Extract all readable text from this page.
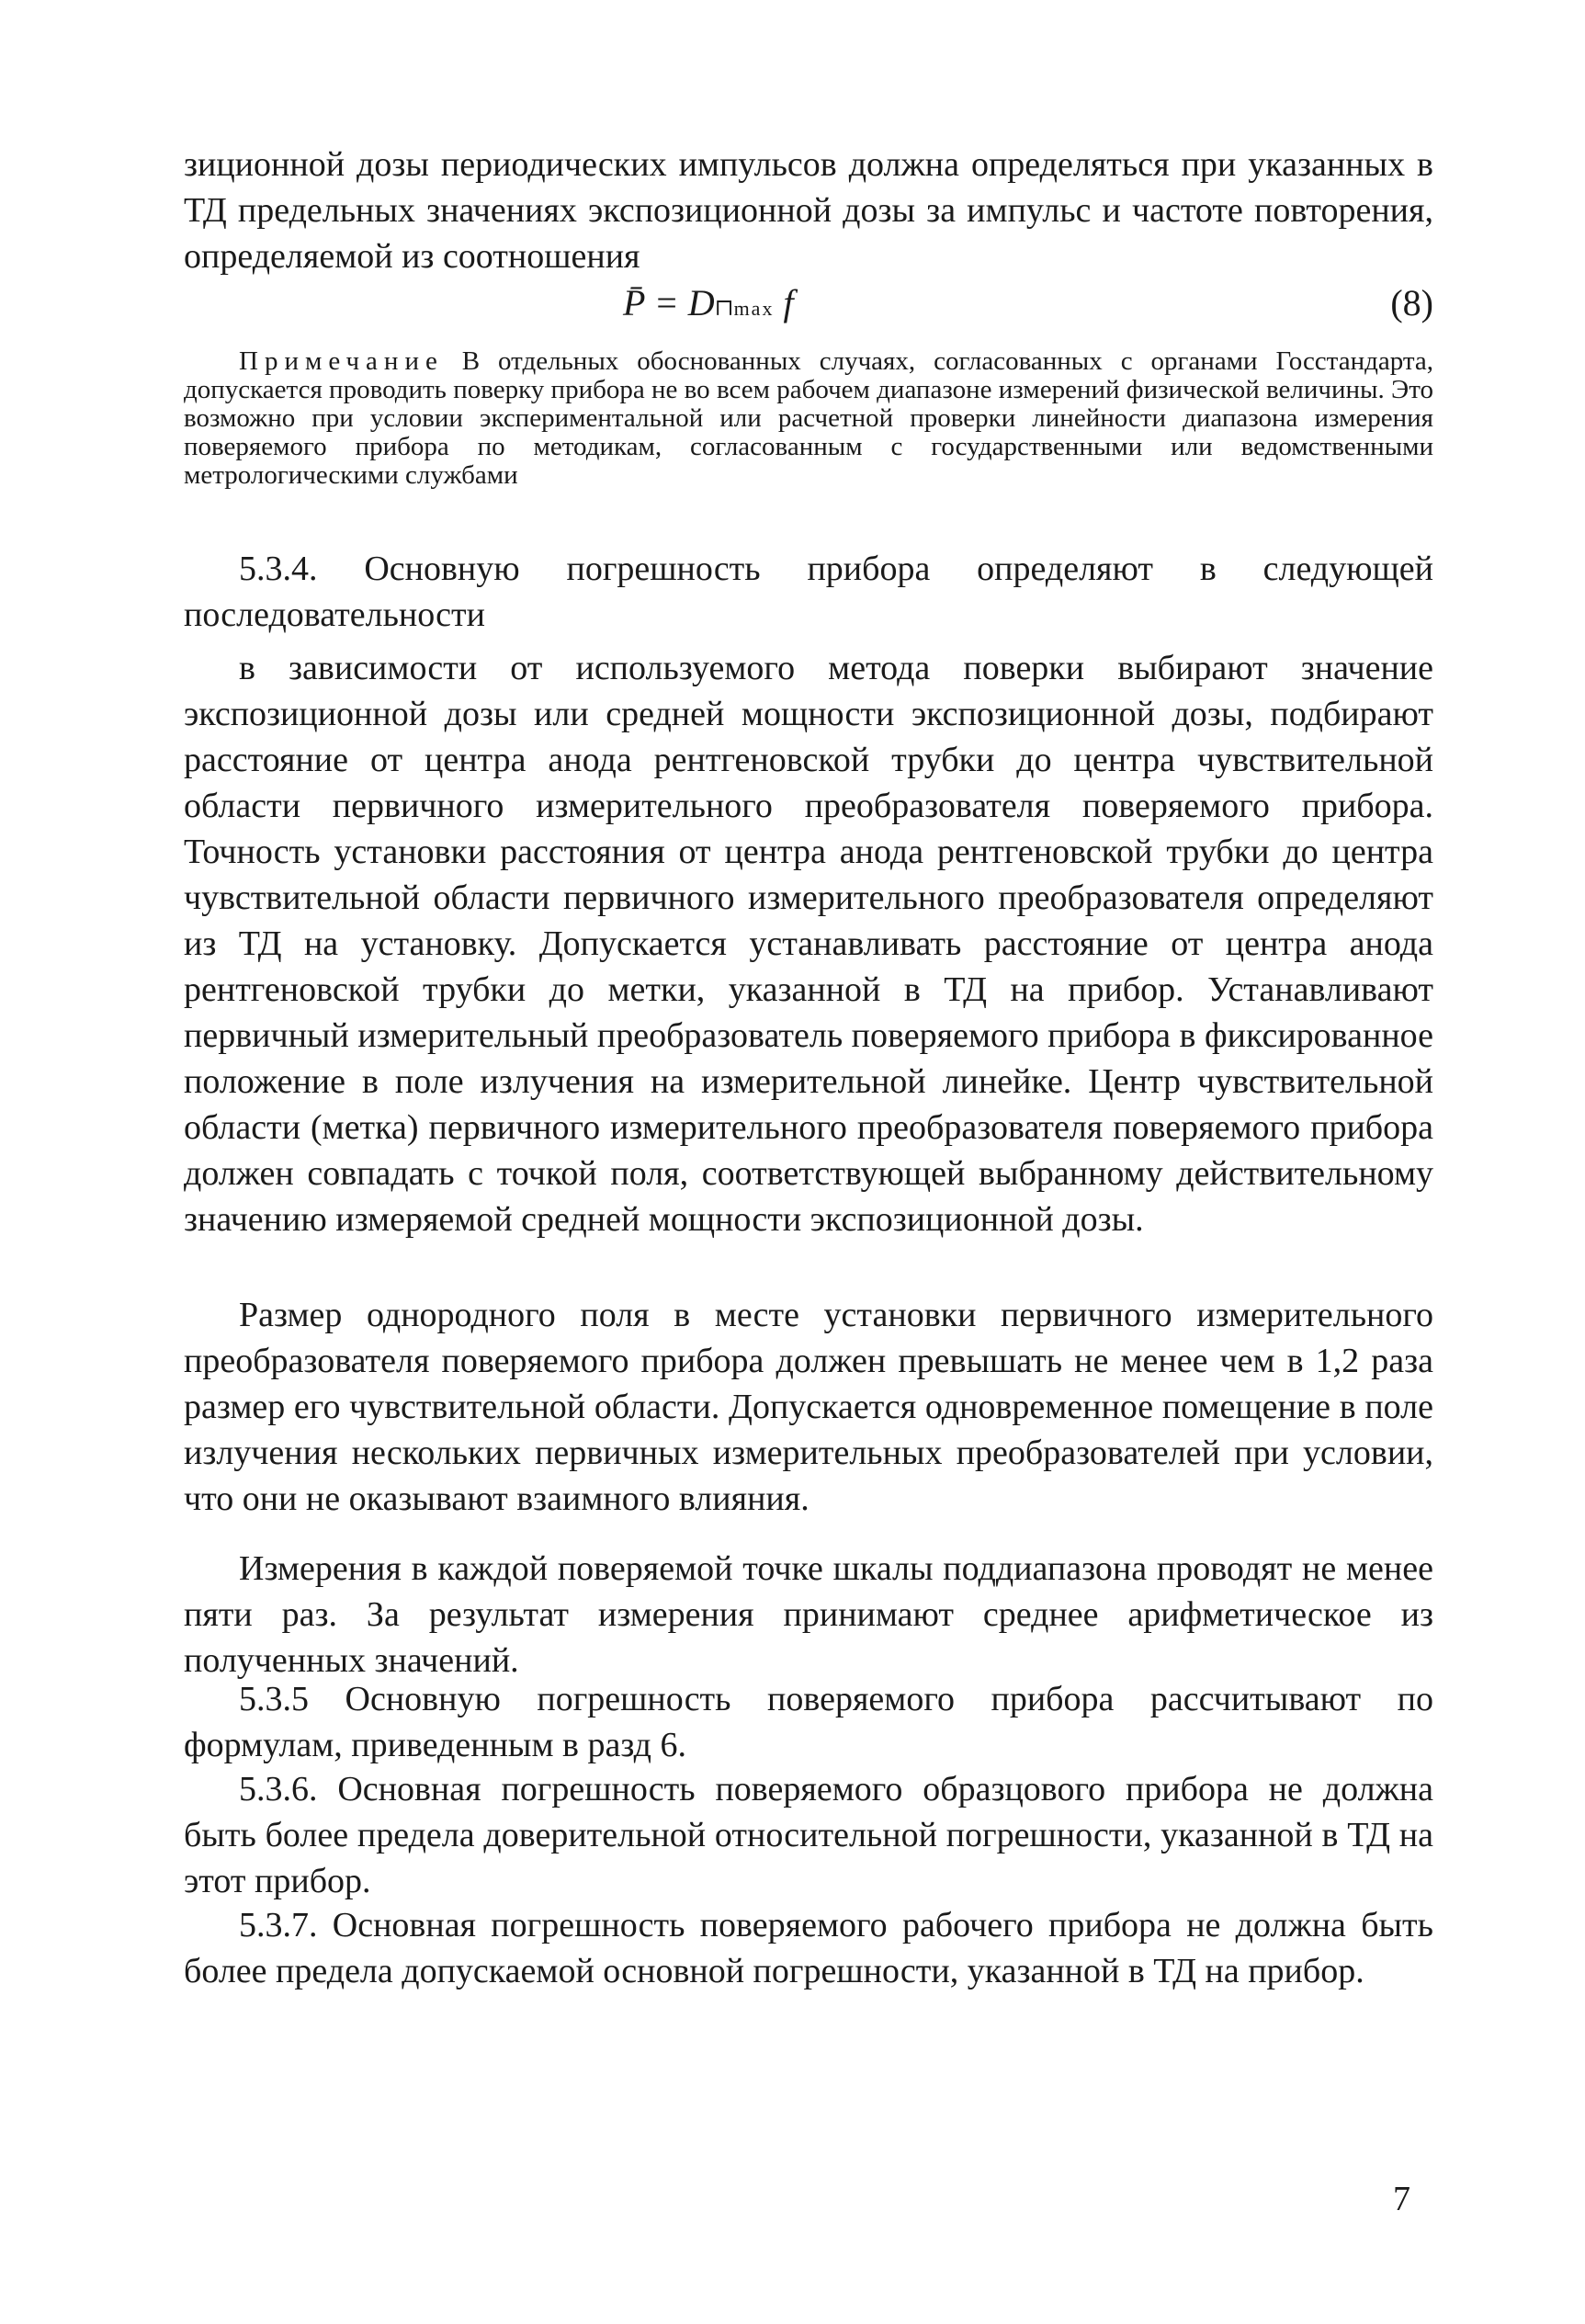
зиционной дозы периодических импульсов должна определяться при указанных в ТД предельных значениях экспозиционной дозы за импульс и частоте повторения, определяемой из соотношения

P̄ = D⊓max f	(8)

Примечание В отдельных обоснованных случаях, согласованных с органами Госстандарта, допускается проводить поверку прибора не во всем рабочем диапазоне измерений физической величины. Это возможно при условии экспериментальной или расчетной проверки линейности диапазона измерения поверяемого прибора по методикам, согласованным с государственными или ведомственными метрологическими службами

5.3.4. Основную погрешность прибора определяют в следующей последовательности

в зависимости от используемого метода поверки выбирают значение экспозиционной дозы или средней мощности экспозиционной дозы, подбирают расстояние от центра анода рентгеновской трубки до центра чувствительной области первичного измерительного преобразователя поверяемого прибора. Точность установки расстояния от центра анода рентгеновской трубки до центра чувствительной области первичного измерительного преобразователя определяют из ТД на установку. Допускается устанавливать расстояние от центра анода рентгеновской трубки до метки, указанной в ТД на прибор. Устанавливают первичный измерительный преобразователь поверяемого прибора в фиксированное положение в поле излучения на измерительной линейке. Центр чувствительной области (метка) первичного измерительного преобразователя поверяемого прибора должен совпадать с точкой поля, соответствующей выбранному действительному значению измеряемой средней мощности экспозиционной дозы.

Размер однородного поля в месте установки первичного измерительного преобразователя поверяемого прибора должен превышать не менее чем в 1,2 раза размер его чувствительной области. Допускается одновременное помещение в поле излучения нескольких первичных измерительных преобразователей при условии, что они не оказывают взаимного влияния.

Измерения в каждой поверяемой точке шкалы поддиапазона проводят не менее пяти раз. За результат измерения принимают среднее арифметическое из полученных значений.

5.3.5 Основную погрешность поверяемого прибора рассчитывают по формулам, приведенным в разд 6.

5.3.6. Основная погрешность поверяемого образцового прибора не должна быть более предела доверительной относительной погрешности, указанной в ТД на этот прибор.

5.3.7. Основная погрешность поверяемого рабочего прибора не должна быть более предела допускаемой основной погрешности, указанной в ТД на прибор.

7
